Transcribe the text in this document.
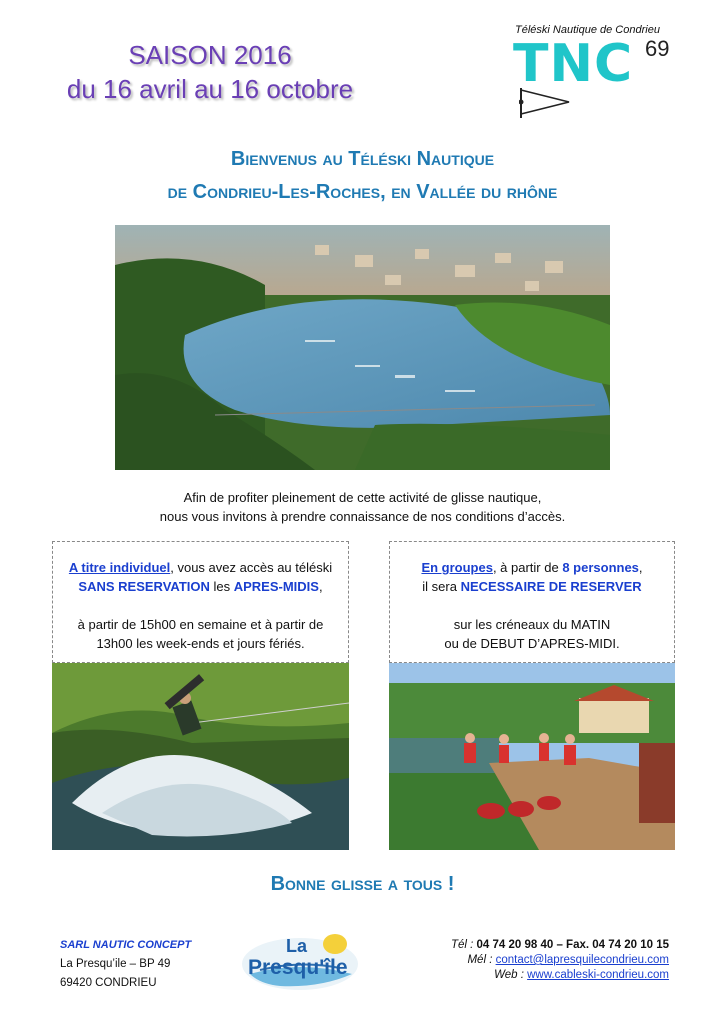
SAISON 2016
du 16 avril au 16 octobre
Téléski Nautique de Condrieu
TNC 69
Bienvenus au Téléski Nautique
de Condrieu-Les-Roches, en Vallée du rhône
Afin de profiter pleinement de cette activité de glisse nautique,
nous vous invitons à prendre connaissance de nos conditions d’accès.
A titre individuel, vous avez accès au téléski
SANS RESERVATION les APRES-MIDIS,
à partir de 15h00 en semaine et à partir de
13h00 les week-ends et jours fériés.
En groupes, à partir de 8 personnes,
il sera NECESSAIRE DE RESERVER
sur les créneaux du MATIN
ou de DEBUT D’APRES-MIDI.
Bonne glisse a tous !
SARL NAUTIC CONCEPT
La Presqu’ile – BP 49
69420 CONDRIEU
La
Presqu'île
Tél : 04 74 20 98 40 – Fax. 04 74 20 10 15
Mél : contact@lapresquilecondrieu.com
Web : www.cableski-condrieu.com
